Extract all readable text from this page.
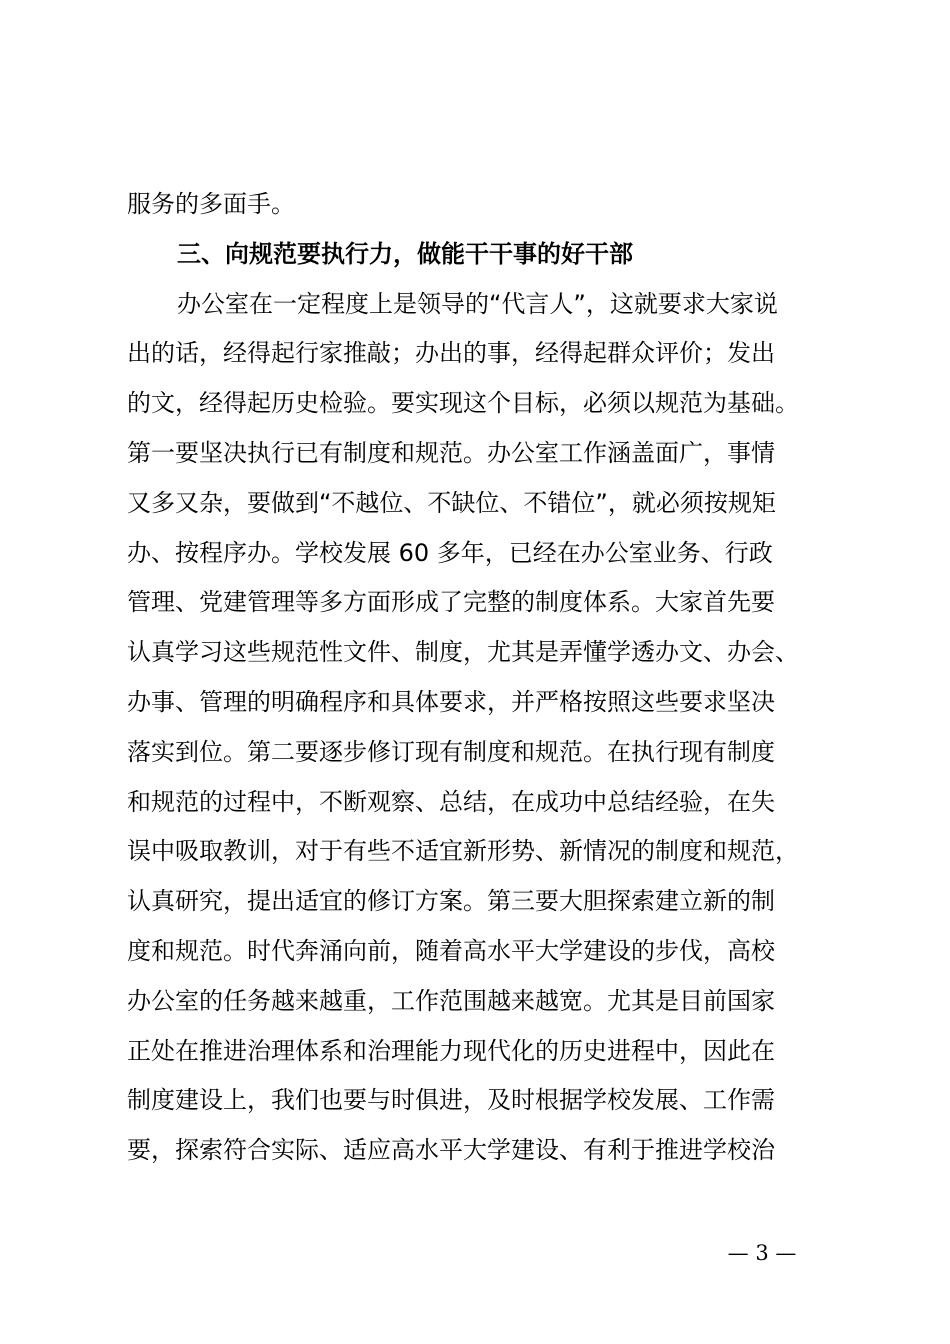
服务的多面手。
三、向规范要执行力，做能干干事的好干部
办公室在一定程度上是领导的“代言人”，这就要求大家说
出的话，经得起行家推敲；办出的事，经得起群众评价；发出
的文，经得起历史检验。要实现这个目标，必须以规范为基础。
第一要坚决执行已有制度和规范。办公室工作涵盖面广，事情
又多又杂，要做到“不越位、不缺位、不错位”，就必须按规矩
办、按程序办。学校发展 60 多年，已经在办公室业务、行政
管理、党建管理等多方面形成了完整的制度体系。大家首先要
认真学习这些规范性文件、制度，尤其是弄懂学透办文、办会、
办事、管理的明确程序和具体要求，并严格按照这些要求坚决
落实到位。第二要逐步修订现有制度和规范。在执行现有制度
和规范的过程中，不断观察、总结，在成功中总结经验，在失
误中吸取教训，对于有些不适宜新形势、新情况的制度和规范，
认真研究，提出适宜的修订方案。第三要大胆探索建立新的制
度和规范。时代奔涌向前，随着高水平大学建设的步伐，高校
办公室的任务越来越重，工作范围越来越宽。尤其是目前国家
正处在推进治理体系和治理能力现代化的历史进程中，因此在
制度建设上，我们也要与时俱进，及时根据学校发展、工作需
要，探索符合实际、适应高水平大学建设、有利于推进学校治
— 3 —
